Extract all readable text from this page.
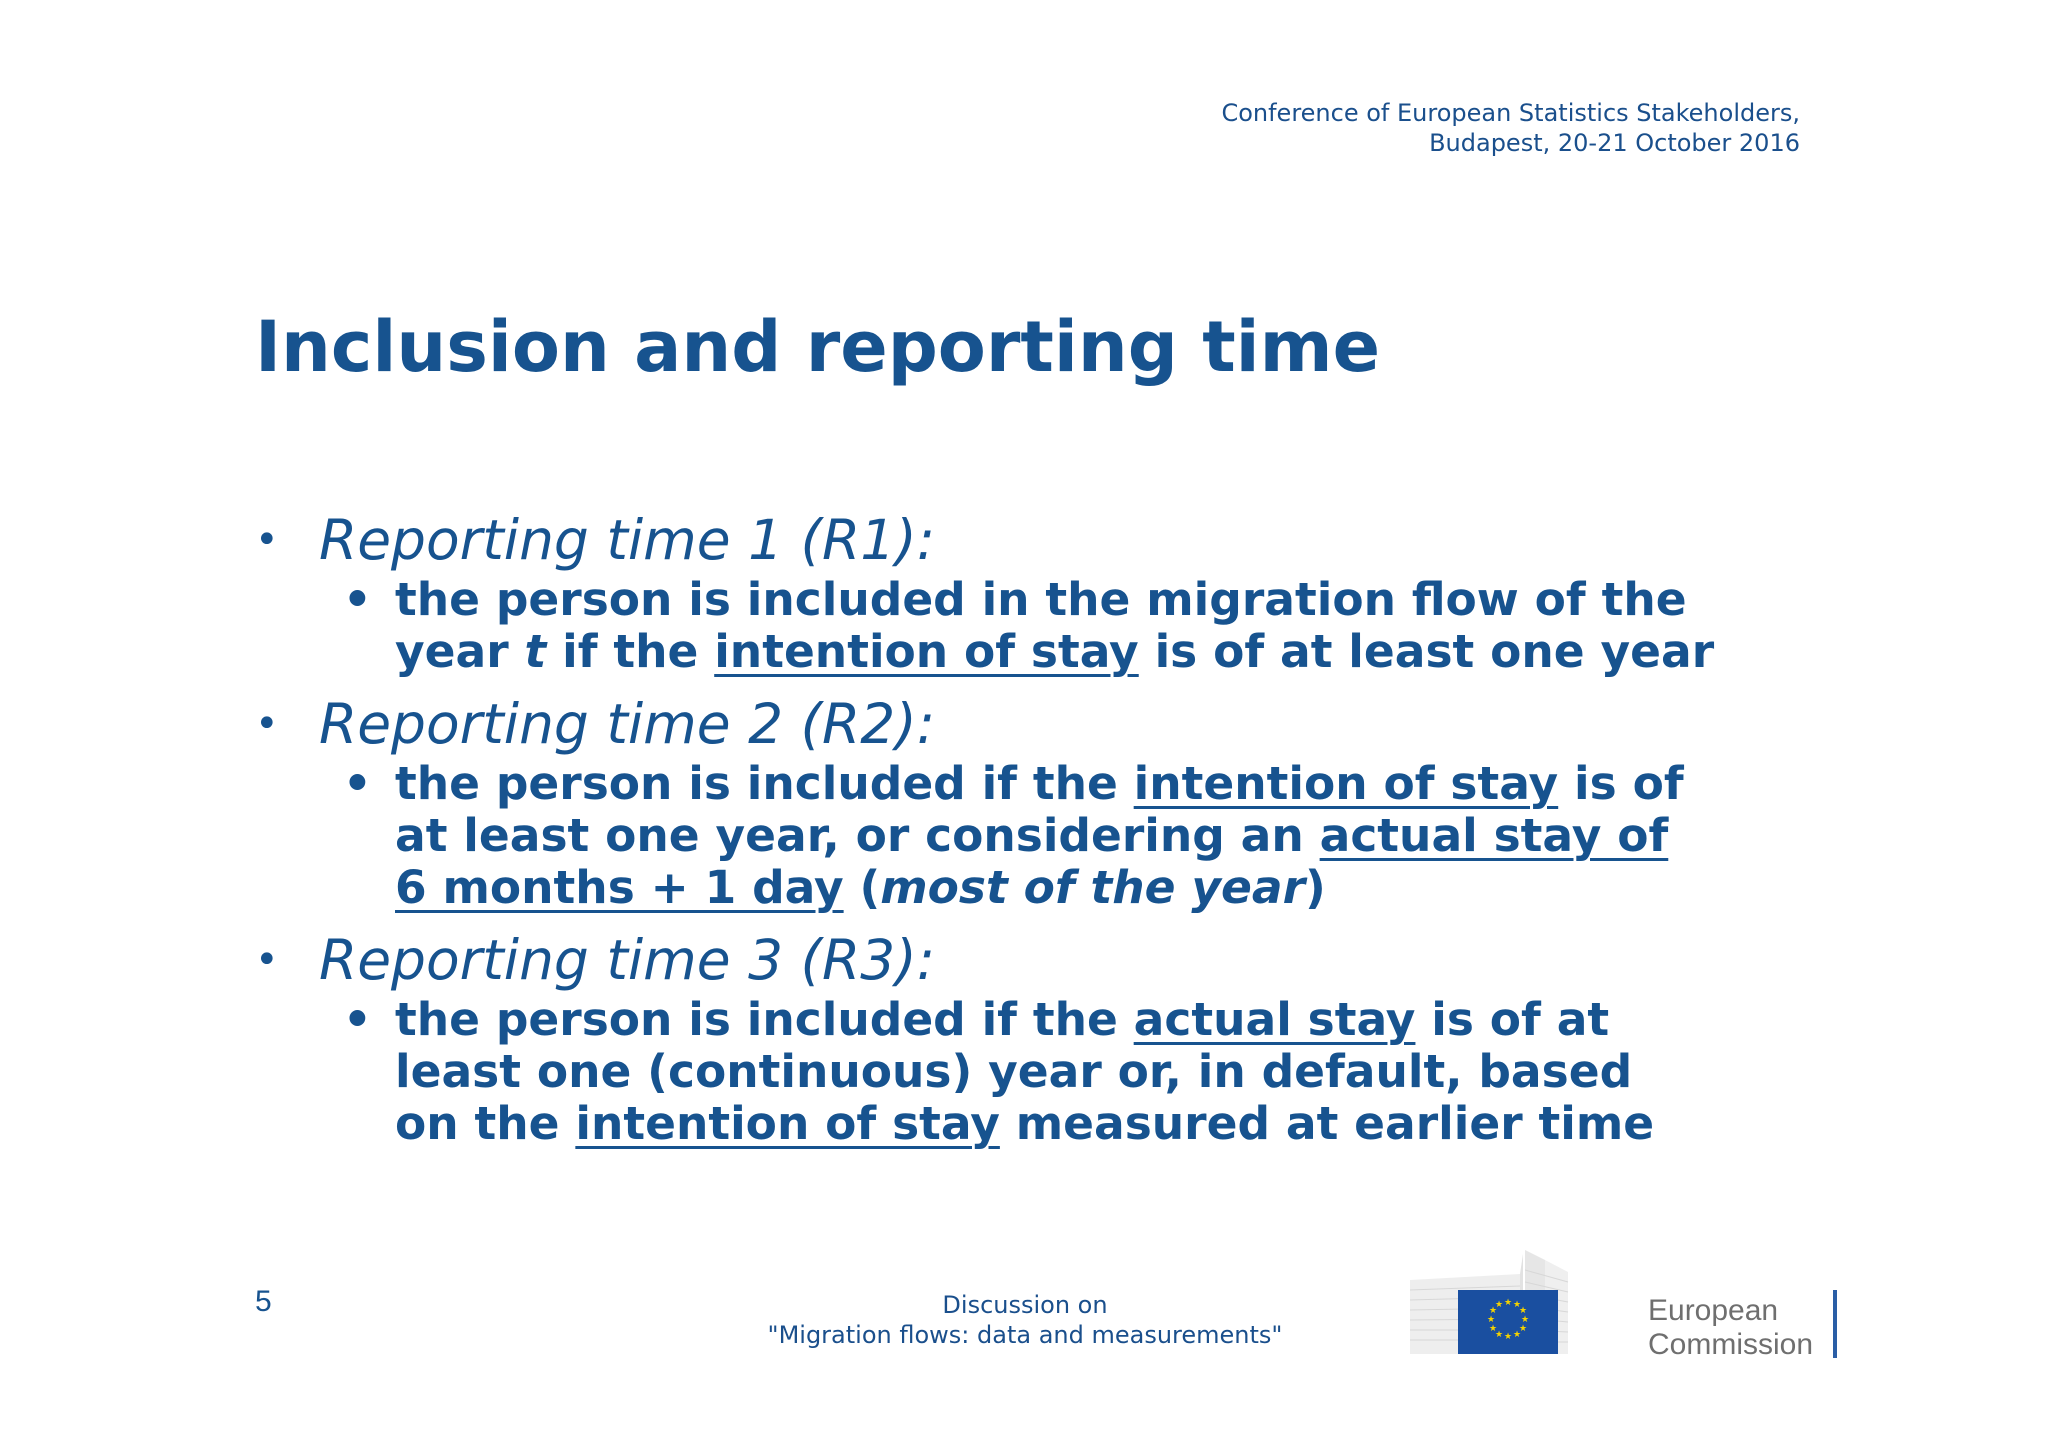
Conference of European Statistics Stakeholders,
Budapest, 20-21 October 2016
Inclusion and reporting time

• Reporting time 1 (R1):

• the person is included in the migration flow of the
year t if the intention of stay is of at least one year

• Reporting time 2 (R2):

• the person is included if the intention of stay is of
at least one year, or considering an actual stay of
6 months + 1 day (most of the year)

• Reporting time 3 (R3):

• the person is included if the actual stay is of at
least one (continuous) year or, in default, based
on the intention of stay measured at earlier time
5	Discussion on
"Migration flows: data and measurements"
★ ★
★
★
★
★
★
★
★
★
★
★	European
Commission
